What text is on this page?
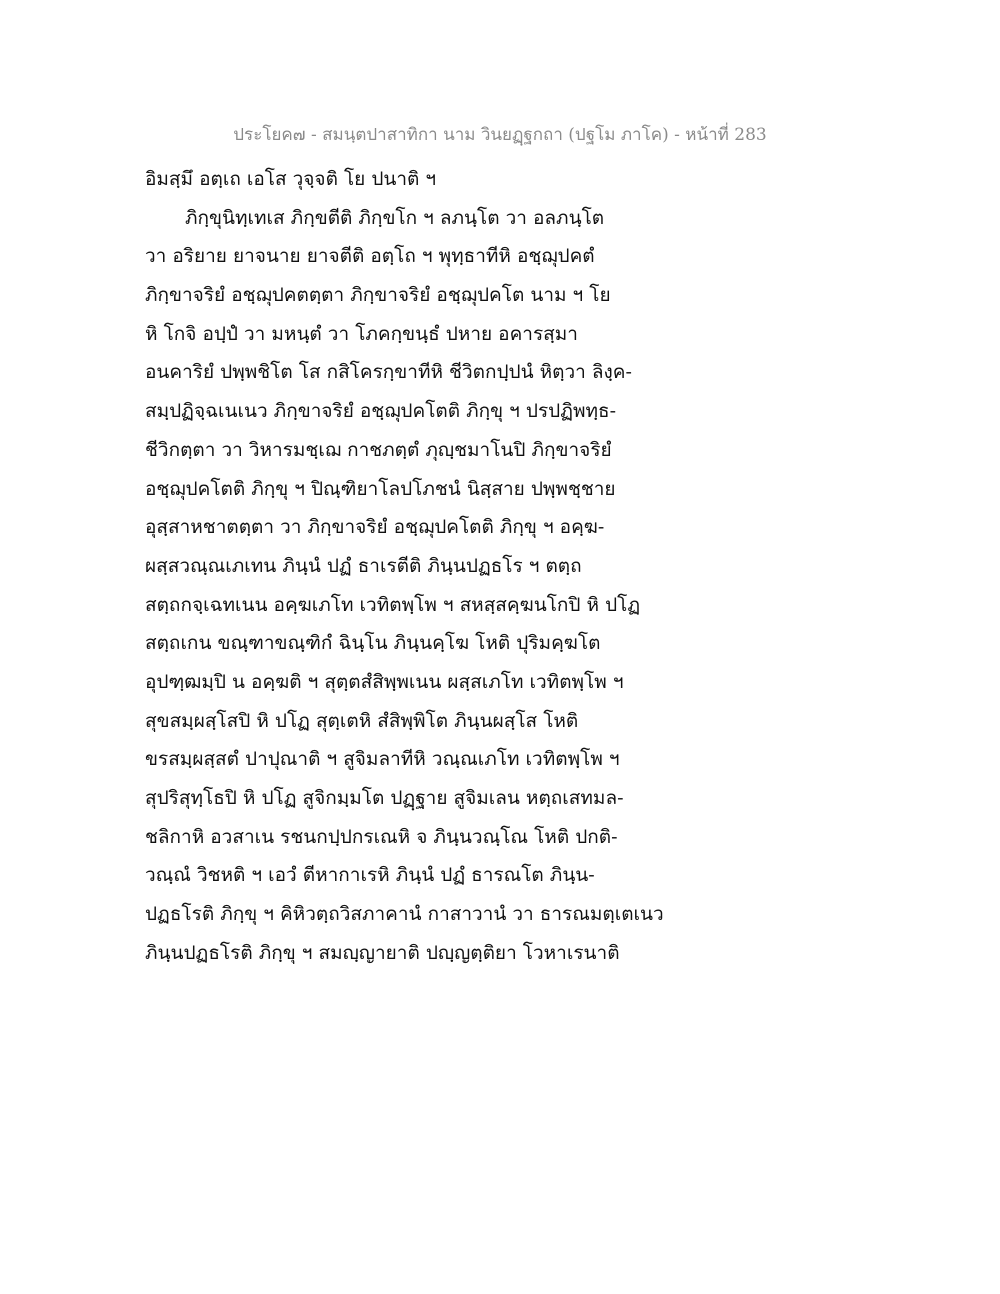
ประโยค๗ - สมนฺตปาสาทิกา นาม วินยฏฺฐกถา (ปฐโม ภาโค) - หน้าที่ 283
อิมสฺมึ อตฺเถ เอโส วุจฺจติ โย ปนาติ ฯ
ภิกฺขุนิทฺเทเส ภิกฺขตีติ ภิกฺขโก ฯ ลภนฺโต วา อลภนฺโต
วา อริยาย ยาจนาย ยาจตีติ อตฺโถ ฯ พุทฺธาทีหิ อชฺฌุปคตํ
ภิกฺขาจริยํ อชฺฌุปคตตฺตา ภิกฺขาจริยํ อชฺฌุปคโต นาม ฯ โย
หิ โกจิ อปฺปํ วา มหนฺตํ วา โภคกฺขนฺธํ ปหาย อคารสฺมา
อนคาริยํ ปพฺพชิโต โส กสิโครกฺขาทีหิ ชีวิตกปฺปนํ หิตฺวา ลิงฺค-
สมฺปฏิจฺฉเนเนว ภิกฺขาจริยํ อชฺฌุปคโตติ ภิกฺขุ ฯ ปรปฏิพทฺธ-
ชีวิกตฺตา วา วิหารมชฺเฌ กาชภตฺตํ ภุญฺชมาโนปิ ภิกฺขาจริยํ
อชฺฌุปคโตติ ภิกฺขุ ฯ ปิณฺฑิยาโลปโภชนํ นิสฺสาย ปพฺพชฺชาย
อุสฺสาหชาตตฺตา วา ภิกฺขาจริยํ อชฺฌุปคโตติ ภิกฺขุ ฯ อคฺฆ-
ผสฺสวณฺณเภเทน ภินฺนํ ปฏํ ธาเรตีติ ภินฺนปฏธโร ฯ ตตฺถ
สตฺถกจฺเฉทเนน อคฺฆเภโท เวทิตพฺโพ ฯ สหสฺสคฺฆนโกปิ หิ ปโฏ
สตฺถเกน ขณฺฑาขณฺฑิกํ ฉินฺโน ภินฺนคฺโฆ โหติ ปุริมคฺฆโต
อุปฑฺฒมฺปิ น อคฺฆติ ฯ สุตฺตสํสิพฺพเนน ผสฺสเภโท เวทิตพฺโพ ฯ
สุขสมฺผสฺโสปิ หิ ปโฏ สุตฺเตหิ สํสิพฺพิโต ภินฺนผสฺโส โหติ
ขรสมฺผสฺสตํ ปาปุณาติ ฯ สูจิมลาทีหิ วณฺณเภโท เวทิตพฺโพ ฯ
สุปริสุทฺโธปิ หิ ปโฏ สูจิกมฺมโต ปฏฺฐาย สูจิมเลน หตฺถเสทมล-
ชลิกาหิ อวสาเน รชนกปฺปกรเณหิ จ ภินฺนวณฺโณ โหติ ปกติ-
วณฺณํ วิชหติ ฯ เอวํ ตีหากาเรหิ ภินฺนํ ปฏํ ธารณโต ภินฺน-
ปฏธโรติ ภิกฺขุ ฯ คิหิวตฺถวิสภาคานํ กาสาวานํ วา ธารณมตฺเตเนว
ภินฺนปฏธโรติ ภิกฺขุ ฯ สมญฺญายาติ ปญฺญตฺติยา โวหาเรนาติ
